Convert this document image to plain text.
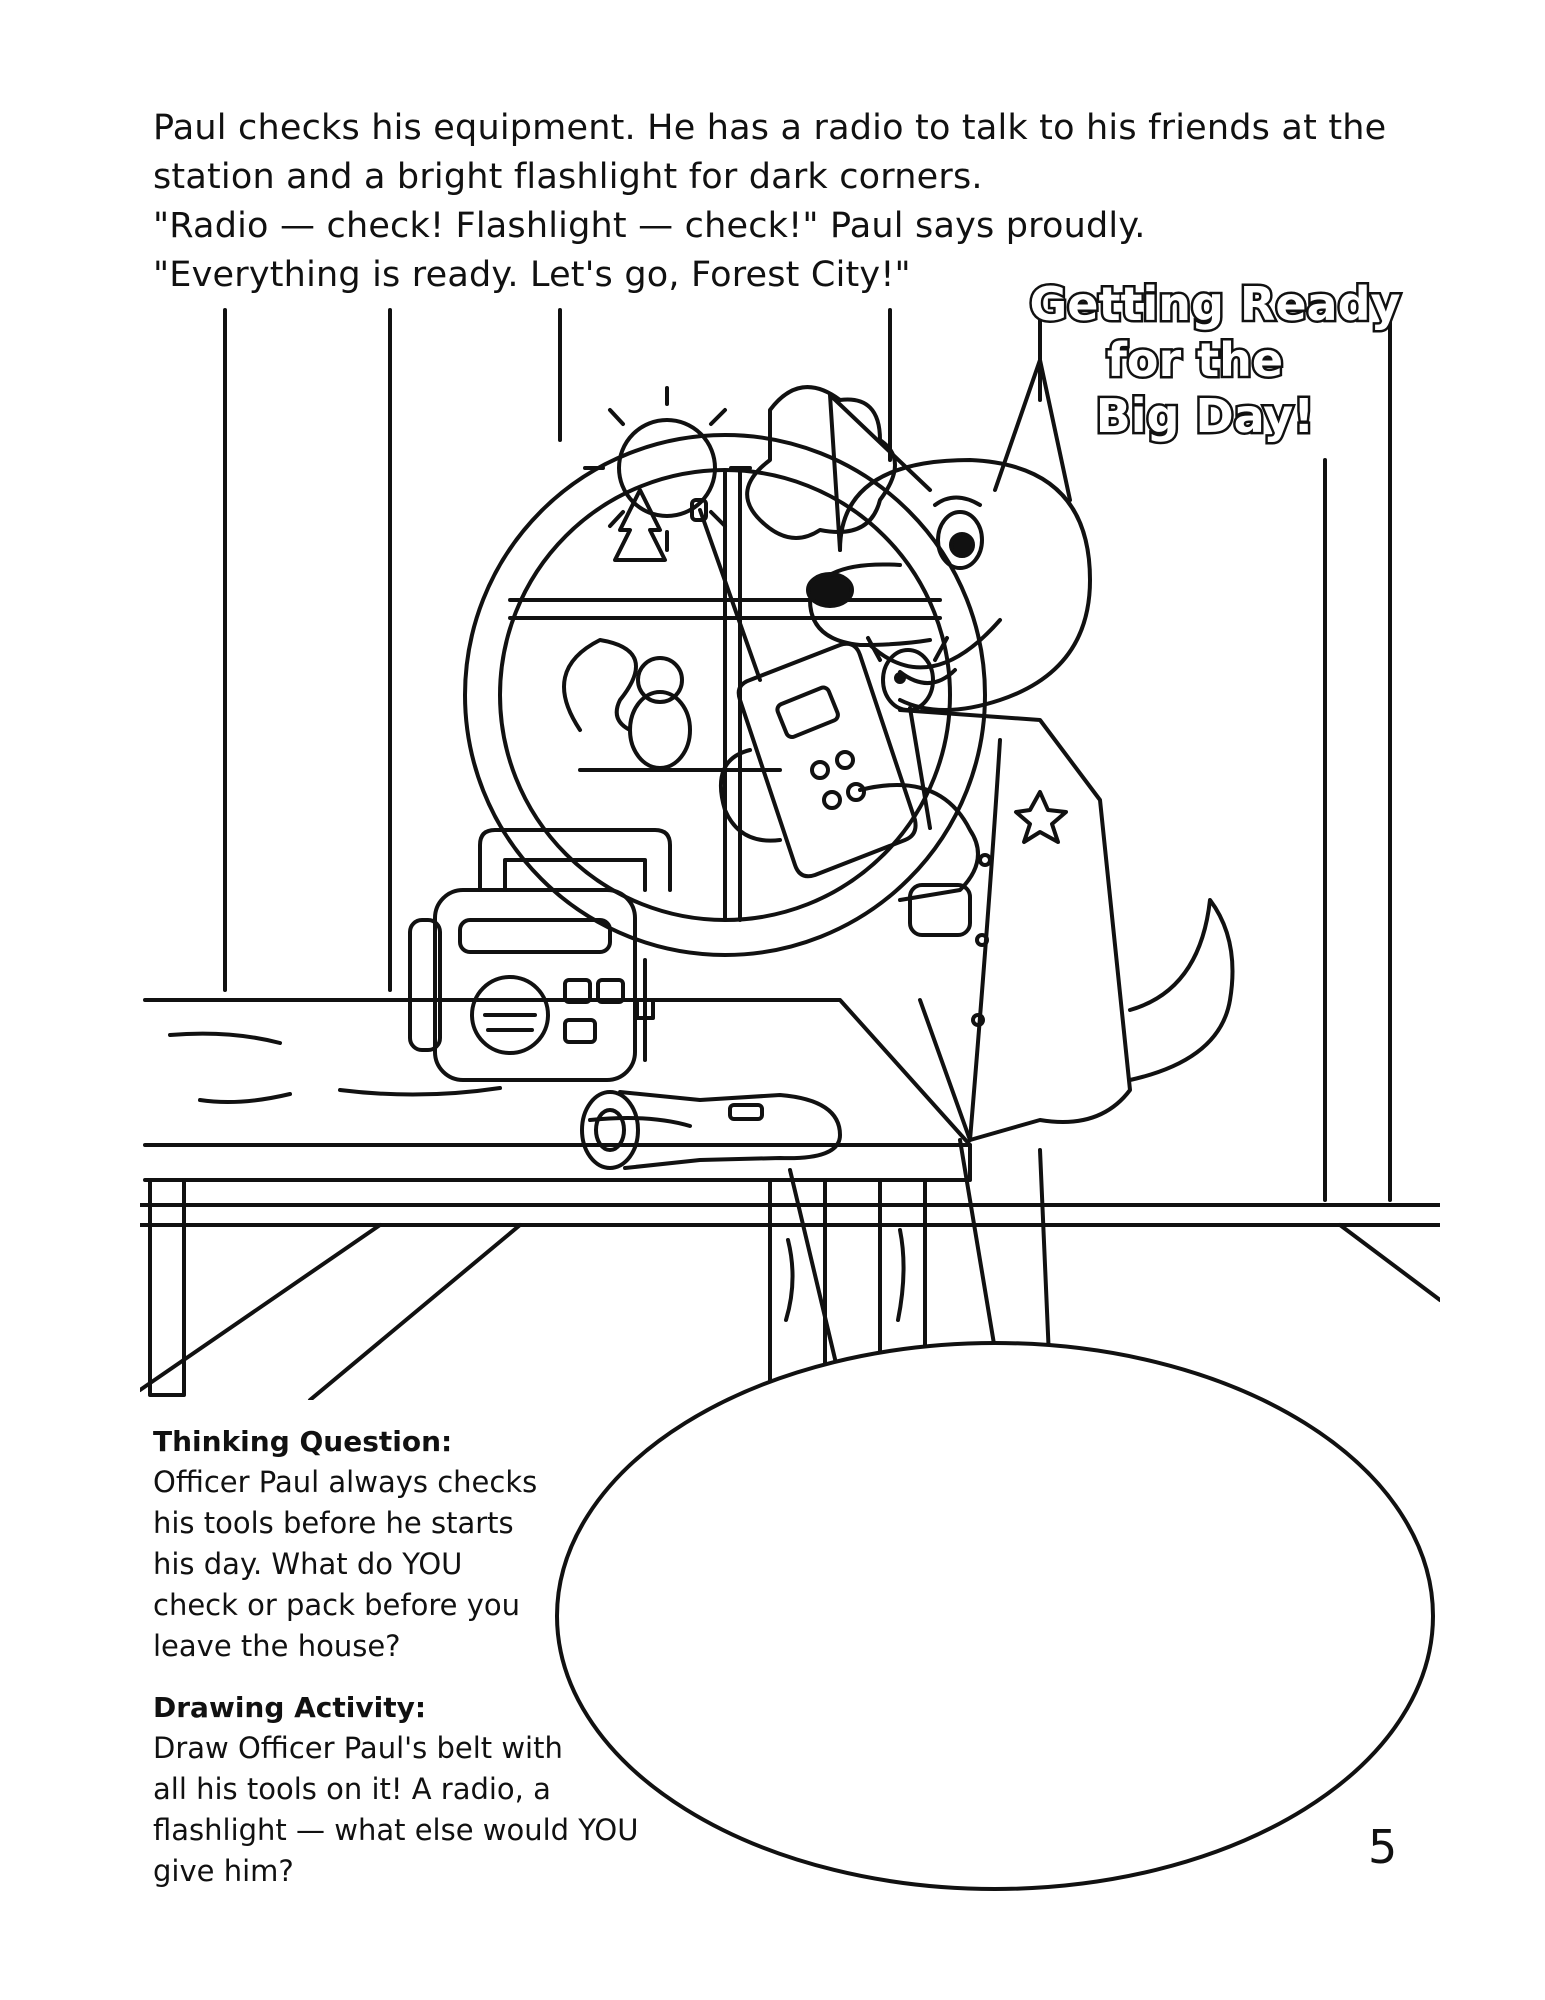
Paul checks his equipment. He has a radio to talk to his friends at the
station and a bright flashlight for dark corners.
"Radio — check! Flashlight — check!" Paul says proudly.
"Everything is ready. Let's go, Forest City!"
Getting Ready
for the
Big Day!
Thinking Question:
Officer Paul always checks
his tools before he starts
his day. What do YOU
check or pack before you
leave the house?
Drawing Activity:
Draw Officer Paul's belt with
all his tools on it! A radio, a
flashlight — what else would YOU
give him?	5
